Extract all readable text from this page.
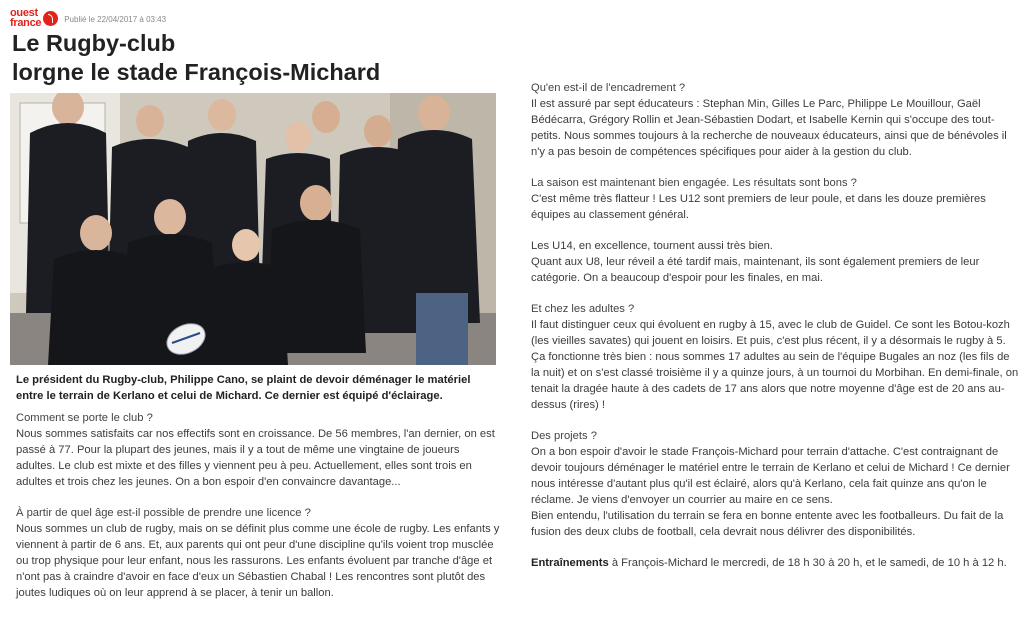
ouest
france	Publié le 22/04/2017 à 03:43
Le Rugby-club
lorgne le stade François-Michard

Le président du Rugby-club, Philippe Cano, se plaint de devoir déménager le matériel entre le terrain de Kerlano et celui de Michard. Ce dernier est équipé d'éclairage.

Comment se porte le club ?

Nous sommes satisfaits car nos effectifs sont en croissance. De 56 membres, l'an dernier, on est passé à 77. Pour la plupart des jeunes, mais il y a tout de même une vingtaine de joueurs adultes. Le club est mixte et des filles y viennent peu à peu. Actuellement, elles sont trois en adultes et trois chez les jeunes. On a bon espoir d'en convaincre davantage...

À partir de quel âge est-il possible de prendre une licence ?

Nous sommes un club de rugby, mais on se définit plus comme une école de rugby. Les enfants y viennent à partir de 6 ans. Et, aux parents qui ont peur d'une discipline qu'ils voient trop musclée ou trop physique pour leur enfant, nous les rassurons. Les enfants évoluent par tranche d'âge et n'ont pas à craindre d'avoir en face d'eux un Sébastien Chabal ! Les rencontres sont plutôt des joutes ludiques où on leur apprend à se placer, à tenir un ballon.

Qu'en est-il de l'encadrement ?

Il est assuré par sept éducateurs : Stephan Min, Gilles Le Parc, Philippe Le Mouillour, Gaël Bédécarra, Grégory Rollin et Jean-Sébastien Dodart, et Isabelle Kernin qui s'occupe des tout-petits. Nous sommes toujours à la recherche de nouveaux éducateurs, ainsi que de bénévoles il n'y a pas besoin de compétences spécifiques pour aider à la gestion du club.

La saison est maintenant bien engagée. Les résultats sont bons ?

C'est même très flatteur ! Les U12 sont premiers de leur poule, et dans les douze premières équipes au classement général.

Les U14, en excellence, tournent aussi très bien.

Quant aux U8, leur réveil a été tardif mais, maintenant, ils sont également premiers de leur catégorie. On a beaucoup d'espoir pour les finales, en mai.

Et chez les adultes ?

Il faut distinguer ceux qui évoluent en rugby à 15, avec le club de Guidel. Ce sont les Botou-kozh (les vieilles savates) qui jouent en loisirs. Et puis, c'est plus récent, il y a désormais le rugby à 5. Ça fonctionne très bien : nous sommes 17 adultes au sein de l'équipe Bugales an noz (les fils de la nuit) et on s'est classé troisième il y a quinze jours, à un tournoi du Morbihan. En demi-finale, on tenait la dragée haute à des cadets de 17 ans alors que notre moyenne d'âge est de 20 ans au-dessus (rires) !

Des projets ?

On a bon espoir d'avoir le stade François-Michard pour terrain d'attache. C'est contraignant de devoir toujours déménager le matériel entre le terrain de Kerlano et celui de Michard ! Ce dernier nous intéresse d'autant plus qu'il est éclairé, alors qu'à Kerlano, cela fait quinze ans qu'on le réclame. Je viens d'envoyer un courrier au maire en ce sens.

Bien entendu, l'utilisation du terrain se fera en bonne entente avec les footballeurs. Du fait de la fusion des deux clubs de football, cela devrait nous délivrer des disponibilités.

Entraînements à François-Michard le mercredi, de 18 h 30 à 20 h, et le samedi, de 10 h à 12 h.
